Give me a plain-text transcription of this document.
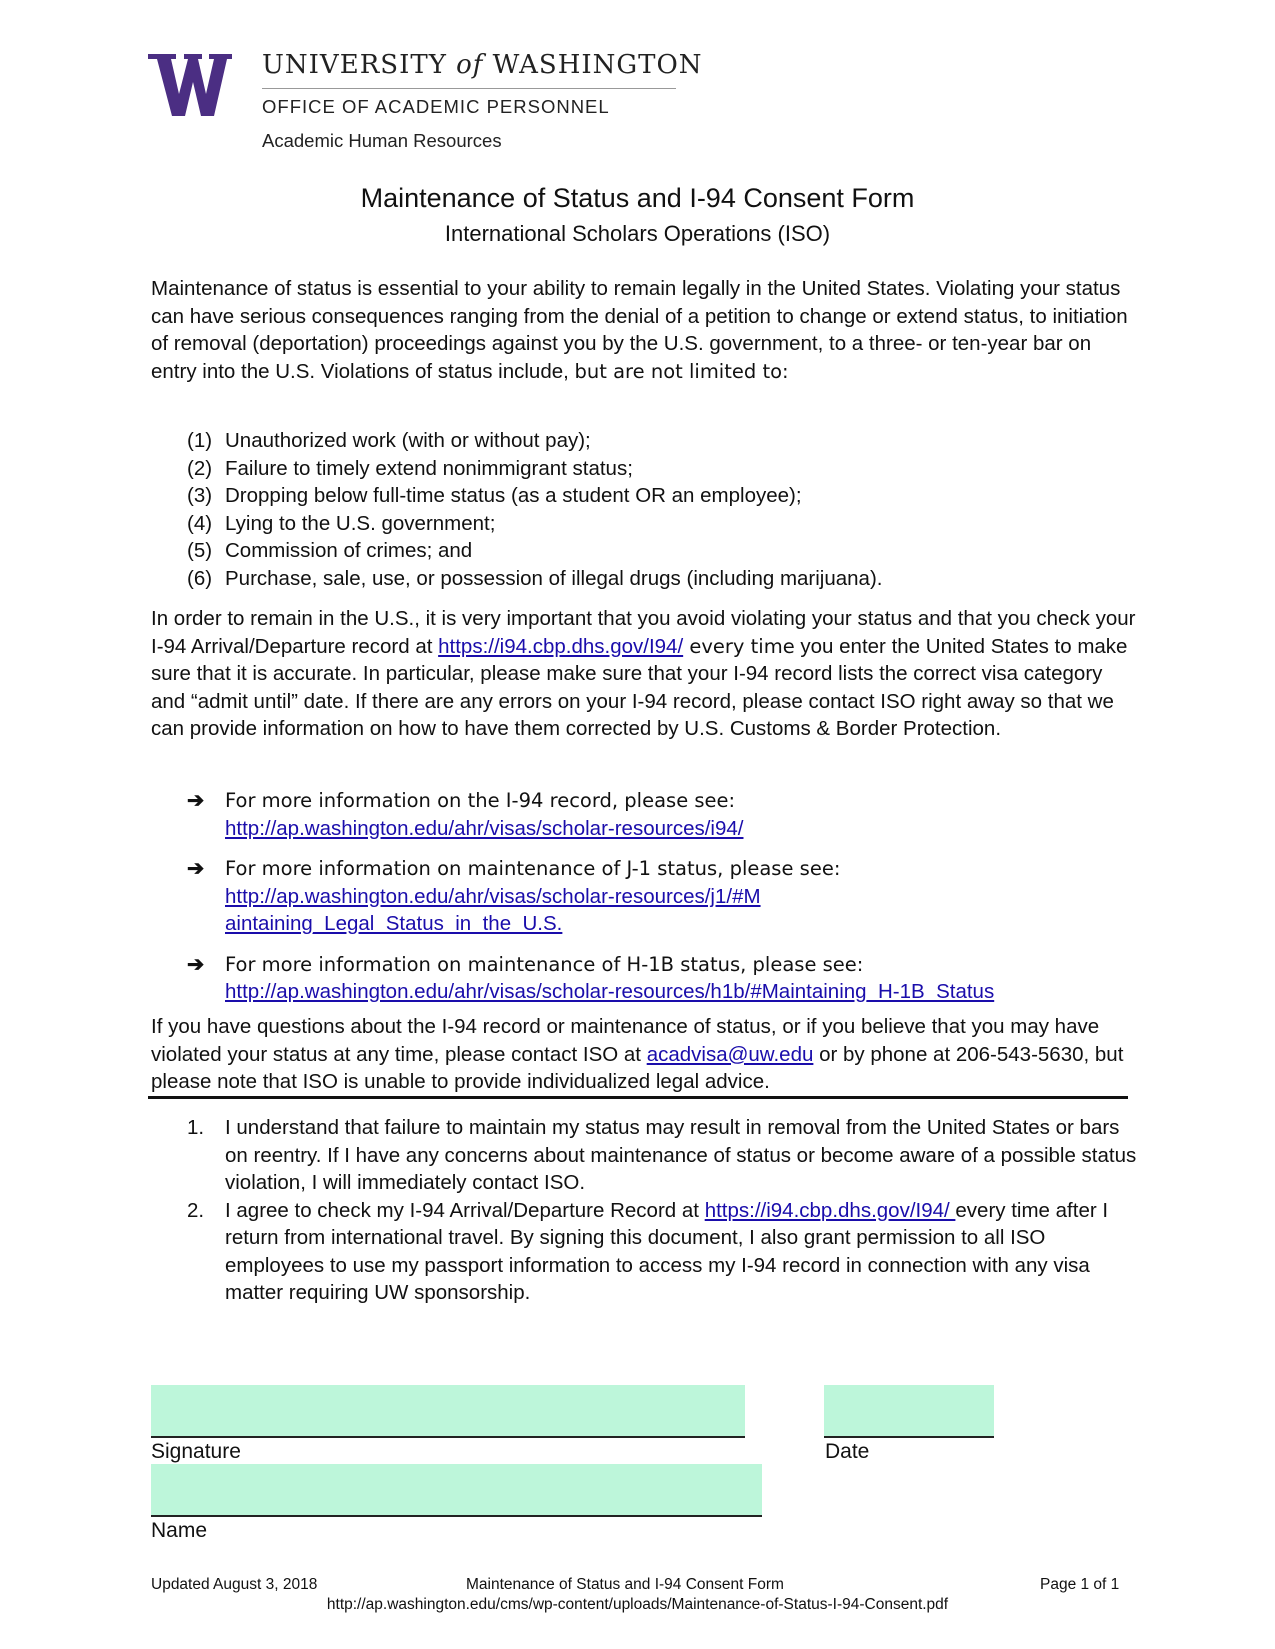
UNIVERSITY of WASHINGTON
OFFICE OF ACADEMIC PERSONNEL
Academic Human Resources
Maintenance of Status and I-94 Consent Form
International Scholars Operations (ISO)
Maintenance of status is essential to your ability to remain legally in the United States. Violating your status can have serious consequences ranging from the denial of a petition to change or extend status, to initiation of removal (deportation) proceedings against you by the U.S. government, to a three- or ten-year bar on entry into the U.S. Violations of status include, but are not limited to:
(1) Unauthorized work (with or without pay);
(2) Failure to timely extend nonimmigrant status;
(3) Dropping below full-time status (as a student OR an employee);
(4) Lying to the U.S. government;
(5) Commission of crimes; and
(6) Purchase, sale, use, or possession of illegal drugs (including marijuana).
In order to remain in the U.S., it is very important that you avoid violating your status and that you check your I-94 Arrival/Departure record at https://i94.cbp.dhs.gov/I94/ every time you enter the United States to make sure that it is accurate. In particular, please make sure that your I-94 record lists the correct visa category and “admit until” date. If there are any errors on your I-94 record, please contact ISO right away so that we can provide information on how to have them corrected by U.S. Customs & Border Protection.
➔	For more information on the I-94 record, please see:
http://ap.washington.edu/ahr/visas/scholar-resources/i94/
➔	For more information on maintenance of J-1 status, please see:
http://ap.washington.edu/ahr/visas/scholar-resources/j1/#Maintaining_Legal_Status_in_the_U.S.
➔	For more information on maintenance of H-1B status, please see:
http://ap.washington.edu/ahr/visas/scholar-resources/h1b/#Maintaining_H-1B_Status
If you have questions about the I-94 record or maintenance of status, or if you believe that you may have violated your status at any time, please contact ISO at acadvisa@uw.edu or by phone at 206-543-5630, but please note that ISO is unable to provide individualized legal advice.
1.	I understand that failure to maintain my status may result in removal from the United States or bars on reentry. If I have any concerns about maintenance of status or become aware of a possible status violation, I will immediately contact ISO.
2.	I agree to check my I-94 Arrival/Departure Record at https://i94.cbp.dhs.gov/I94/ every time after I return from international travel. By signing this document, I also grant permission to all ISO employees to use my passport information to access my I-94 record in connection with any visa matter requiring UW sponsorship.
Signature	Date
Name
Updated August 3, 2018	Maintenance of Status and I-94 Consent Form	Page 1 of 1
http://ap.washington.edu/cms/wp-content/uploads/Maintenance-of-Status-I-94-Consent.pdf
